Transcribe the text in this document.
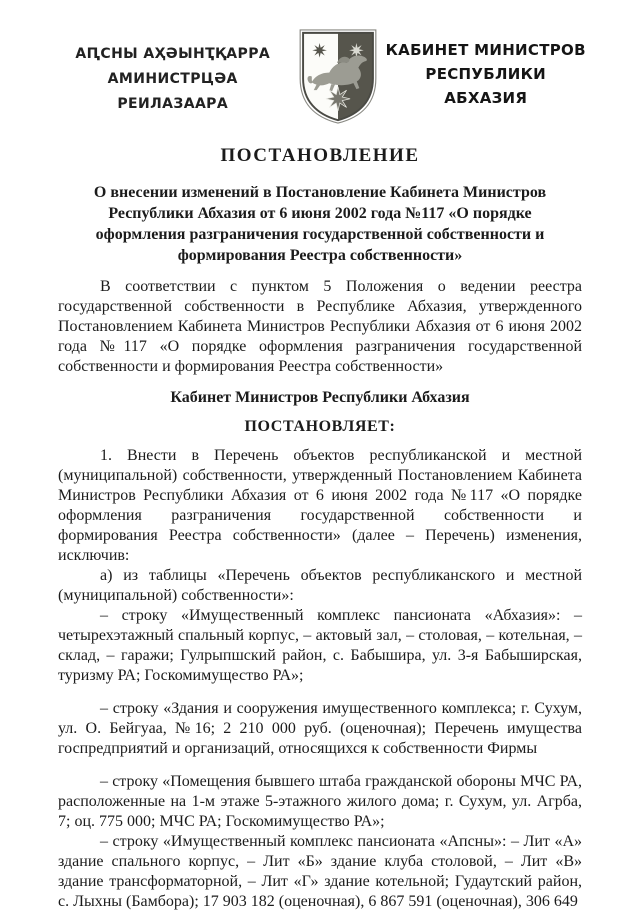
АԤСНЫ АҲӘЫНҬҚАРРА
АМИНИСТРЦӘА РЕИЛАЗААРА
КАБИНЕТ МИНИСТРОВ
РЕСПУБЛИКИ АБХАЗИЯ
ПОСТАНОВЛЕНИЕ
О внесении изменений в Постановление Кабинета Министров Республики Абхазия от 6 июня 2002 года №117 «О порядке оформления разграничения государственной собственности и формирования Реестра собственности»

В соответствии с пунктом 5 Положения о ведении реестра государственной собственности в Республике Абхазия, утвержденного Постановлением Кабинета Министров Республики Абхазия от 6 июня 2002 года №117 «О порядке оформления разграничения государственной собственности и формирования Реестра собственности»

Кабинет Министров Республики Абхазия
ПОСТАНОВЛЯЕТ:

1. Внести в Перечень объектов республиканской и местной (муниципальной) собственности, утвержденный Постановлением Кабинета Министров Республики Абхазия от 6 июня 2002 года №117 «О порядке оформления разграничения государственной собственности и формирования Реестра собственности» (далее – Перечень) изменения, исключив:

а) из таблицы «Перечень объектов республиканского и местной (муниципальной) собственности»:

– строку «Имущественный комплекс пансионата «Абхазия»: – четырехэтажный спальный корпус, – актовый зал, – столовая, – котельная, – склад, – гаражи; Гулрыпшский район, с. Бабышира, ул. 3-я Бабыширская, туризму РА; Госкомимущество РА»;

– строку «Здания и сооружения имущественного комплекса; г. Сухум, ул. О. Бейгуаа, №16; 2 210 000 руб. (оценочная); Перечень имущества госпредприятий и организаций, относящихся к собственности Фирмы

– строку «Помещения бывшего штаба гражданской обороны МЧС РА, расположенные на 1-м этаже 5-этажного жилого дома; г. Сухум, ул. Агрба, 7; оц. 775 000; МЧС РА; Госкомимущество РА»;

– строку «Имущественный комплекс пансионата «Апсны»: – Лит «А» здание спального корпус, – Лит «Б» здание клуба столовой, – Лит «В» здание трансформаторной, – Лит «Г» здание котельной; Гудаутский район, с. Лыхны (Бамбора); 17 903 182 (оценочная), 6 867 591 (оценочная), 306 649
